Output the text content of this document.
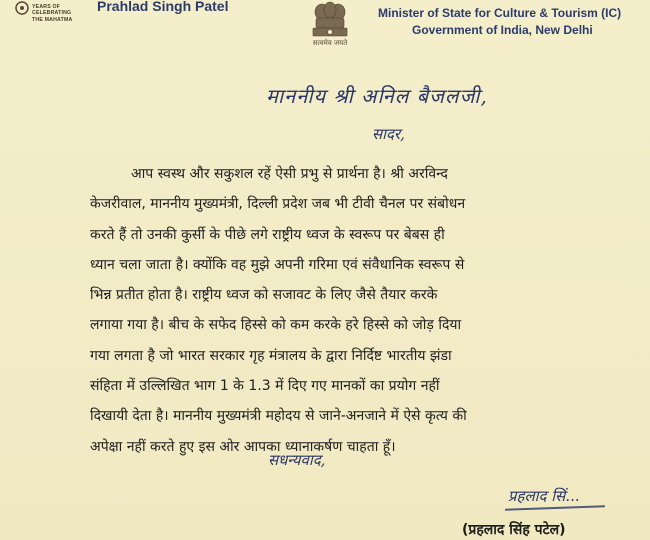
YEARS OF
CELEBRATING
THE MAHATMA
Prahlad Singh Patel
सत्यमेव जयते
Minister of State for Culture & Tourism (IC)
Government of India, New Delhi
माननीय श्री अनिल बैजलजी,
सादर,
आप स्वस्थ और सकुशल रहें ऐसी प्रभु से प्रार्थना है। श्री अरविन्द
केजरीवाल, माननीय मुख्यमंत्री, दिल्ली प्रदेश जब भी टीवी चैनल पर संबोधन
करते हैं तो उनकी कुर्सी के पीछे लगे राष्ट्रीय ध्वज के स्वरूप पर बेबस ही
ध्यान चला जाता है। क्योंकि वह मुझे अपनी गरिमा एवं संवैधानिक स्वरूप से
भिन्न प्रतीत होता है। राष्ट्रीय ध्वज को सजावट के लिए जैसे तैयार करके
लगाया गया है। बीच के सफेद हिस्से को कम करके हरे हिस्से को जोड़ दिया
गया लगता है जो भारत सरकार गृह मंत्रालय के द्वारा निर्दिष्ट भारतीय झंडा
संहिता में उल्लिखित भाग 1 के 1.3 में दिए गए मानकों का प्रयोग नहीं
दिखायी देता है। माननीय मुख्यमंत्री महोदय से जाने-अनजाने में ऐसे कृत्य की
अपेक्षा नहीं करते हुए इस ओर आपका ध्यानाकर्षण चाहता हूँ।
सधन्यवाद,
प्रहलाद सिं...
(प्रहलाद सिंह पटेल)
